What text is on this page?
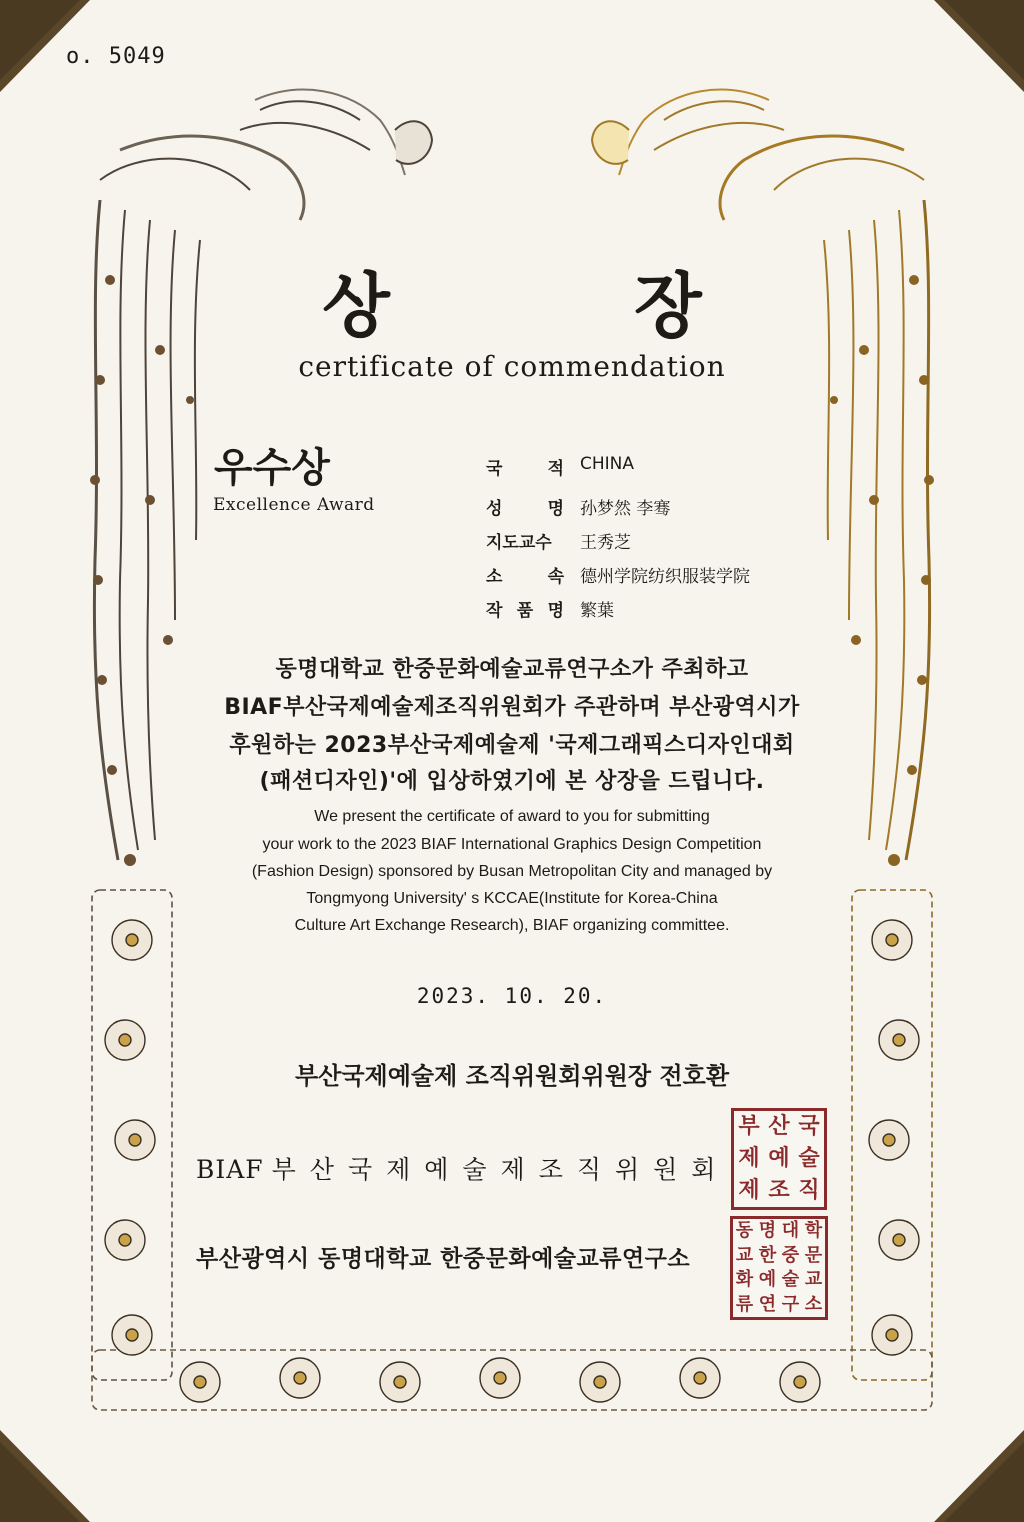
o. 5049
상 장
certificate of commendation
우수상
Excellence Award
국	적 CHINA
성	명 孙梦然 李骞
지도교수 王秀芝
소	속 德州学院纺织服装学院
작 품 명 繁葉
동명대학교 한중문화예술교류연구소가 주최하고
BIAF부산국제예술제조직위원회가 주관하며 부산광역시가
후원하는 2023부산국제예술제 '국제그래픽스디자인대회
(패션디자인)'에 입상하였기에 본 상장을 드립니다.
We present the certificate of award to you for submitting
your work to the 2023 BIAF International Graphics Design Competition
(Fashion Design) sponsored by Busan Metropolitan City and managed by
Tongmyong University' s KCCAE(Institute for Korea-China
Culture Art Exchange Research), BIAF organizing committee.
2023. 10. 20.
부산국제예술제 조직위원회위원장 전호환
BIAF 부산국제예술제조직위원회
부산광역시 동명대학교 한중문화예술교류연구소
부 산 국
제 예 술
제 조 직
동 명 대 학
교 한 중 문
화 예 술 교
류 연 구 소
